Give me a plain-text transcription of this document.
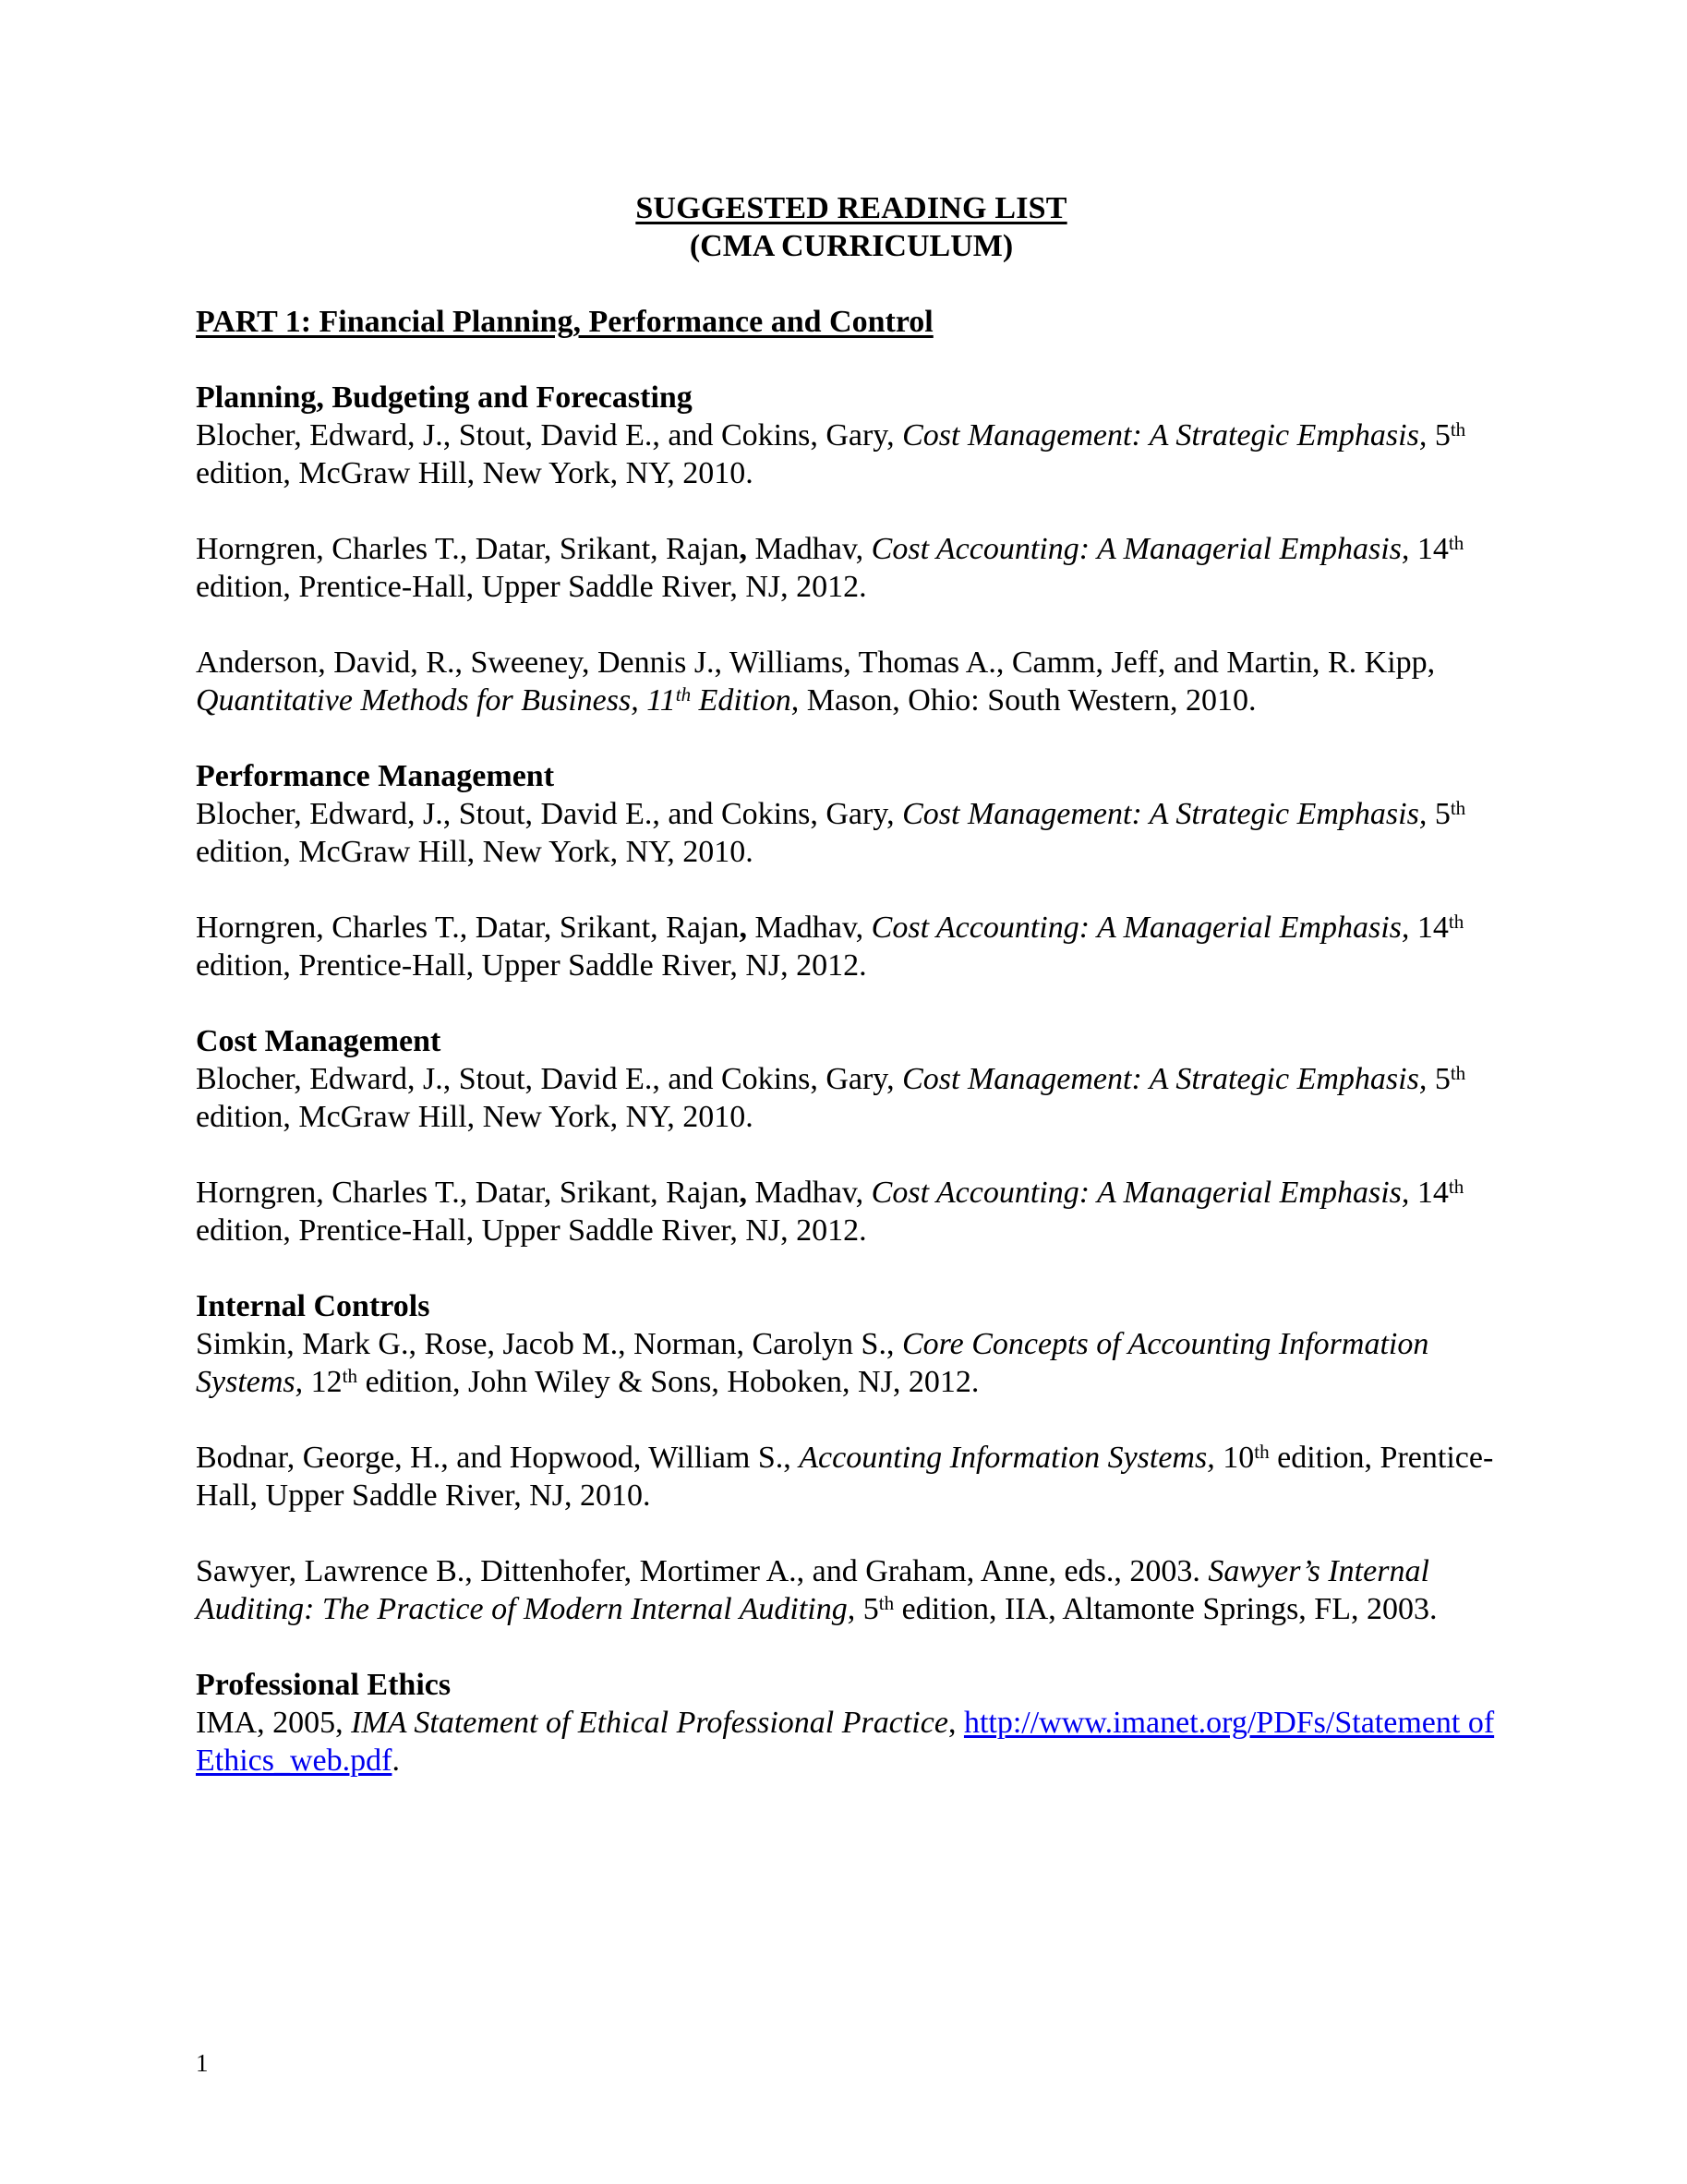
SUGGESTED READING LIST
(CMA CURRICULUM)
PART 1: Financial Planning, Performance and Control
Planning, Budgeting and Forecasting
Blocher, Edward, J., Stout, David E., and Cokins, Gary, Cost Management: A Strategic Emphasis, 5th edition, McGraw Hill, New York, NY, 2010.
Horngren, Charles T., Datar, Srikant, Rajan, Madhav, Cost Accounting: A Managerial Emphasis, 14th edition, Prentice-Hall, Upper Saddle River, NJ, 2012.
Anderson, David, R., Sweeney, Dennis J., Williams, Thomas A., Camm, Jeff, and Martin, R. Kipp, Quantitative Methods for Business, 11th Edition, Mason, Ohio: South Western, 2010.
Performance Management
Blocher, Edward, J., Stout, David E., and Cokins, Gary, Cost Management: A Strategic Emphasis, 5th edition, McGraw Hill, New York, NY, 2010.
Horngren, Charles T., Datar, Srikant, Rajan, Madhav, Cost Accounting: A Managerial Emphasis, 14th edition, Prentice-Hall, Upper Saddle River, NJ, 2012.
Cost Management
Blocher, Edward, J., Stout, David E., and Cokins, Gary, Cost Management: A Strategic Emphasis, 5th edition, McGraw Hill, New York, NY, 2010.
Horngren, Charles T., Datar, Srikant, Rajan, Madhav, Cost Accounting: A Managerial Emphasis, 14th edition, Prentice-Hall, Upper Saddle River, NJ, 2012.
Internal Controls
Simkin, Mark G., Rose, Jacob M., Norman, Carolyn S., Core Concepts of Accounting Information Systems, 12th edition, John Wiley & Sons, Hoboken, NJ, 2012.
Bodnar, George, H., and Hopwood, William S., Accounting Information Systems, 10th edition, Prentice-Hall, Upper Saddle River, NJ, 2010.
Sawyer, Lawrence B., Dittenhofer, Mortimer A., and Graham, Anne, eds., 2003. Sawyer’s Internal Auditing: The Practice of Modern Internal Auditing, 5th edition, IIA, Altamonte Springs, FL, 2003.
Professional Ethics
IMA, 2005, IMA Statement of Ethical Professional Practice, http://www.imanet.org/PDFs/Statement of Ethics_web.pdf.
1
